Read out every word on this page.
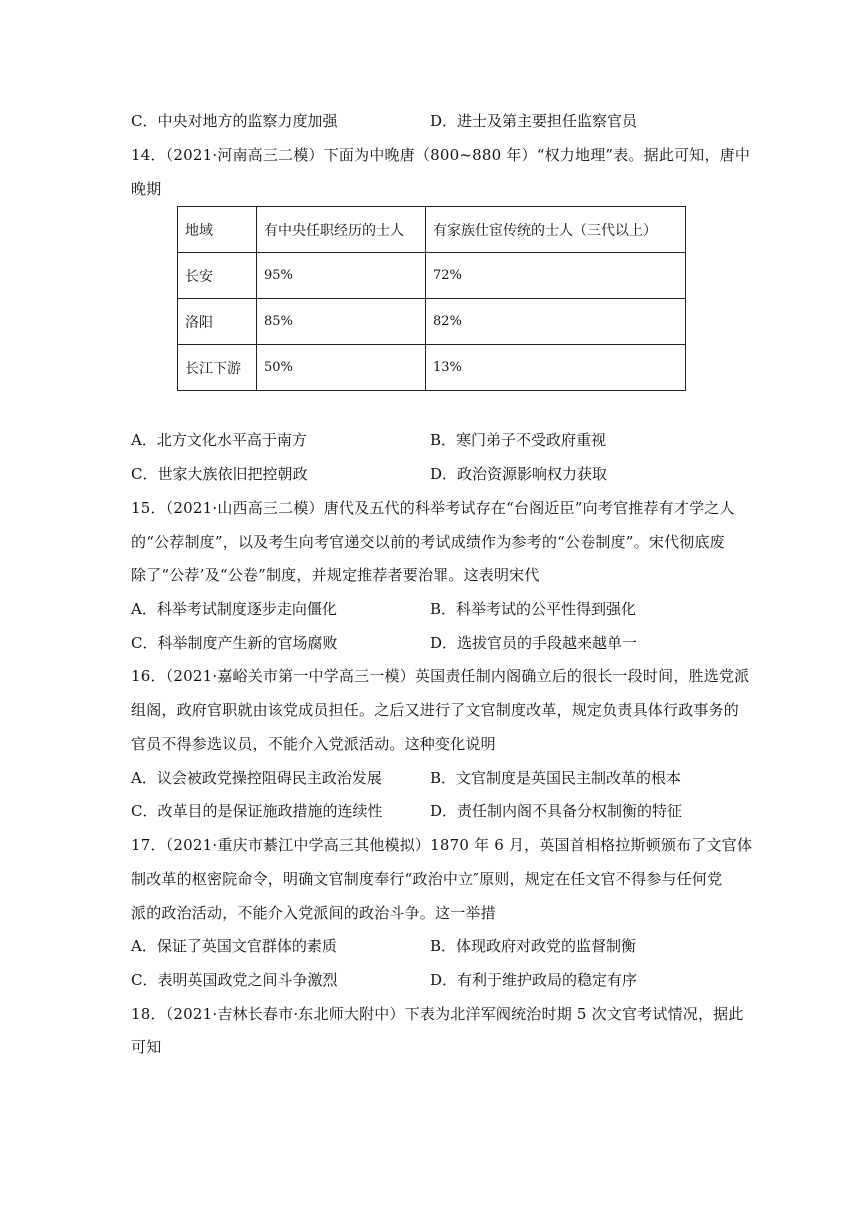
C．中央对地方的监察力度加强	D．进士及第主要担任监察官员
14．（2021·河南高三二模）下面为中晚唐（800~880 年）“权力地理”表。据此可知，唐中
晚期
地域	有中央任职经历的士人	有家族仕宦传统的士人（三代以上）
长安	95%	72%
洛阳	85%	82%
长江下游	50%	13%
A．北方文化水平高于南方	B．寒门弟子不受政府重视
C．世家大族依旧把控朝政	D．政治资源影响权力获取
15．（2021·山西高三二模）唐代及五代的科举考试存在“台阁近臣”向考官推荐有才学之人
的“公荐制度”，以及考生向考官递交以前的考试成绩作为参考的“公卷制度”。宋代彻底废
除了“公荐’及“公卷”制度，并规定推荐者要治罪。这表明宋代
A．科举考试制度逐步走向僵化	B．科举考试的公平性得到强化
C．科举制度产生新的官场腐败	D．选拔官员的手段越来越单一
16．（2021·嘉峪关市第一中学高三一模）英国责任制内阁确立后的很长一段时间，胜选党派
组阁，政府官职就由该党成员担任。之后又进行了文官制度改革，规定负责具体行政事务的
官员不得参选议员，不能介入党派活动。这种变化说明
A．议会被政党操控阻碍民主政治发展	B．文官制度是英国民主制改革的根本
C．改革目的是保证施政措施的连续性	D．责任制内阁不具备分权制衡的特征
17．（2021·重庆市綦江中学高三其他模拟）1870 年 6 月，英国首相格拉斯顿颁布了文官体
制改革的枢密院命令，明确文官制度奉行“政治中立″原则，规定在任文官不得参与任何党
派的政治活动，不能介入党派间的政治斗争。这一举措
A．保证了英国文官群体的素质	B．体现政府对政党的监督制衡
C．表明英国政党之间斗争激烈	D．有利于维护政局的稳定有序
18．（2021·吉林长春市·东北师大附中）下表为北洋军阀统治时期 5 次文官考试情况，据此
可知
